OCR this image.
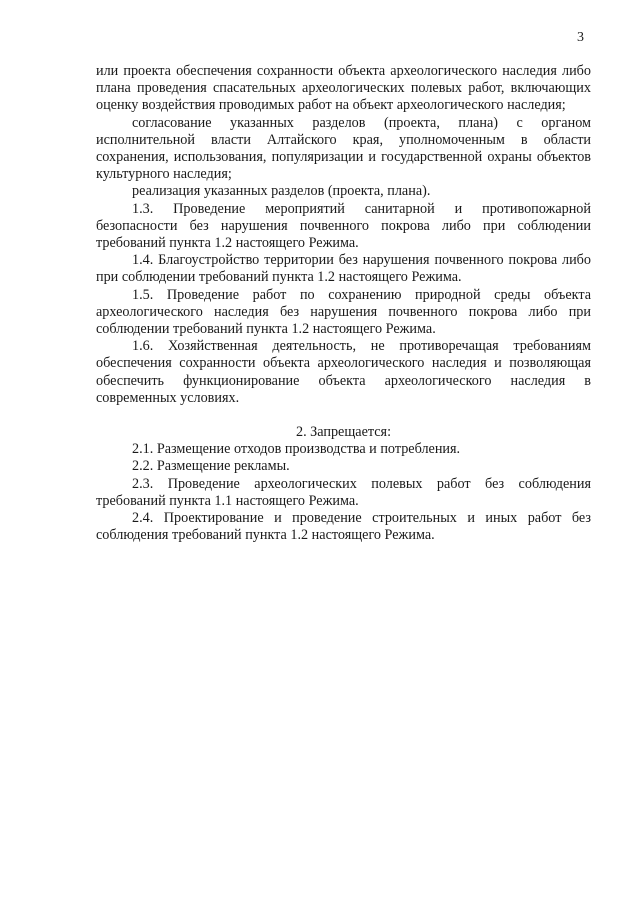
3

или проекта обеспечения сохранности объекта археологического наследия либо плана проведения спасательных археологических полевых работ, включающих оценку воздействия проводимых работ на объект археологического наследия;

согласование указанных разделов (проекта, плана) с органом исполнительной власти Алтайского края, уполномоченным в области сохранения, использования, популяризации и государственной охраны объектов культурного наследия;

реализация указанных разделов (проекта, плана).

1.3. Проведение мероприятий санитарной и противопожарной безопасности без нарушения почвенного покрова либо при соблюдении требований пункта 1.2 настоящего Режима.

1.4. Благоустройство территории без нарушения почвенного покрова либо при соблюдении требований пункта 1.2 настоящего Режима.

1.5. Проведение работ по сохранению природной среды объекта археологического наследия без нарушения почвенного покрова либо при соблюдении требований пункта 1.2 настоящего Режима.

1.6. Хозяйственная деятельность, не противоречащая требованиям обеспечения сохранности объекта археологического наследия и позволяющая обеспечить функционирование объекта археологического наследия в современных условиях.

2. Запрещается:

2.1. Размещение отходов производства и потребления.

2.2. Размещение рекламы.

2.3. Проведение археологических полевых работ без соблюдения требований пункта 1.1 настоящего Режима.

2.4. Проектирование и проведение строительных и иных работ без соблюдения требований пункта 1.2 настоящего Режима.
